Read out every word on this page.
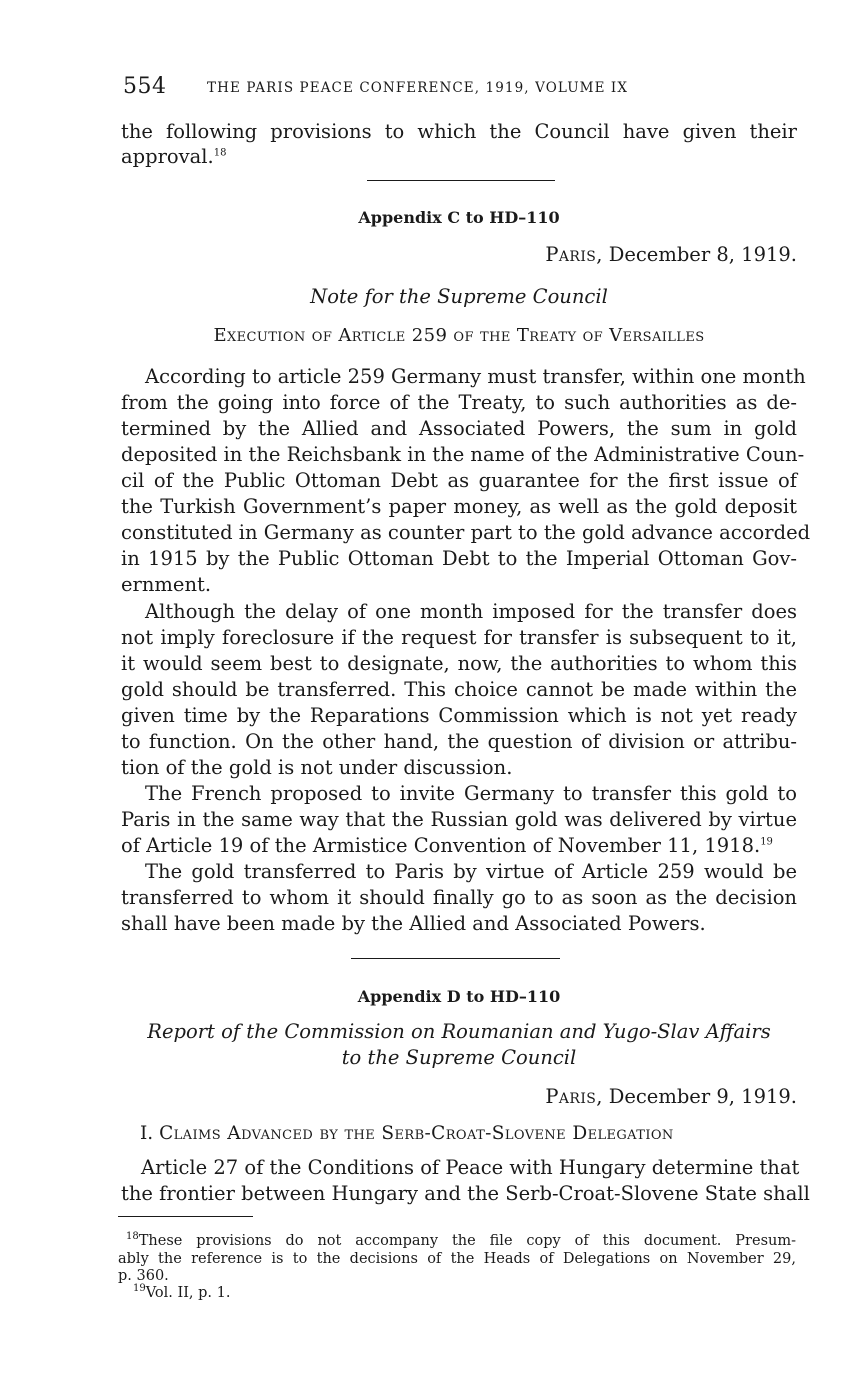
554	THE PARIS PEACE CONFERENCE, 1919, VOLUME IX
the following provisions to which the Council have given their
approval.$^{18}$
Appendix C to HD–110
Paris, December 8, 1919.
Note for the Supreme Council
Execution of Article 259 of the Treaty of Versailles
According to article 259 Germany must transfer, within one month
from the going into force of the Treaty, to such authorities as de-
termined by the Allied and Associated Powers, the sum in gold
deposited in the Reichsbank in the name of the Administrative Coun-
cil of the Public Ottoman Debt as guarantee for the first issue of
the Turkish Government’s paper money, as well as the gold deposit
constituted in Germany as counter part to the gold advance accorded
in 1915 by the Public Ottoman Debt to the Imperial Ottoman Gov-
ernment.
Although the delay of one month imposed for the transfer does
not imply foreclosure if the request for transfer is subsequent to it,
it would seem best to designate, now, the authorities to whom this
gold should be transferred. This choice cannot be made within the
given time by the Reparations Commission which is not yet ready
to function. On the other hand, the question of division or attribu-
tion of the gold is not under discussion.
The French proposed to invite Germany to transfer this gold to
Paris in the same way that the Russian gold was delivered by virtue
of Article 19 of the Armistice Convention of November 11, 1918.19
The gold transferred to Paris by virtue of Article 259 would be
transferred to whom it should finally go to as soon as the decision
shall have been made by the Allied and Associated Powers.
Appendix D to HD–110
Report of the Commission on Roumanian and Yugo-Slav Affairs
to the Supreme Council
Paris, December 9, 1919.
I. Claims Advanced by the Serb-Croat-Slovene Delegation
Article 27 of the Conditions of Peace with Hungary determine that
the frontier between Hungary and the Serb-Croat-Slovene State shall
$^{18}$These provisions do not accompany the file copy of this document. Presum-
ably the reference is to the decisions of the Heads of Delegations on November 29,
p. 360.
$^{19}$Vol. II, p. 1.
